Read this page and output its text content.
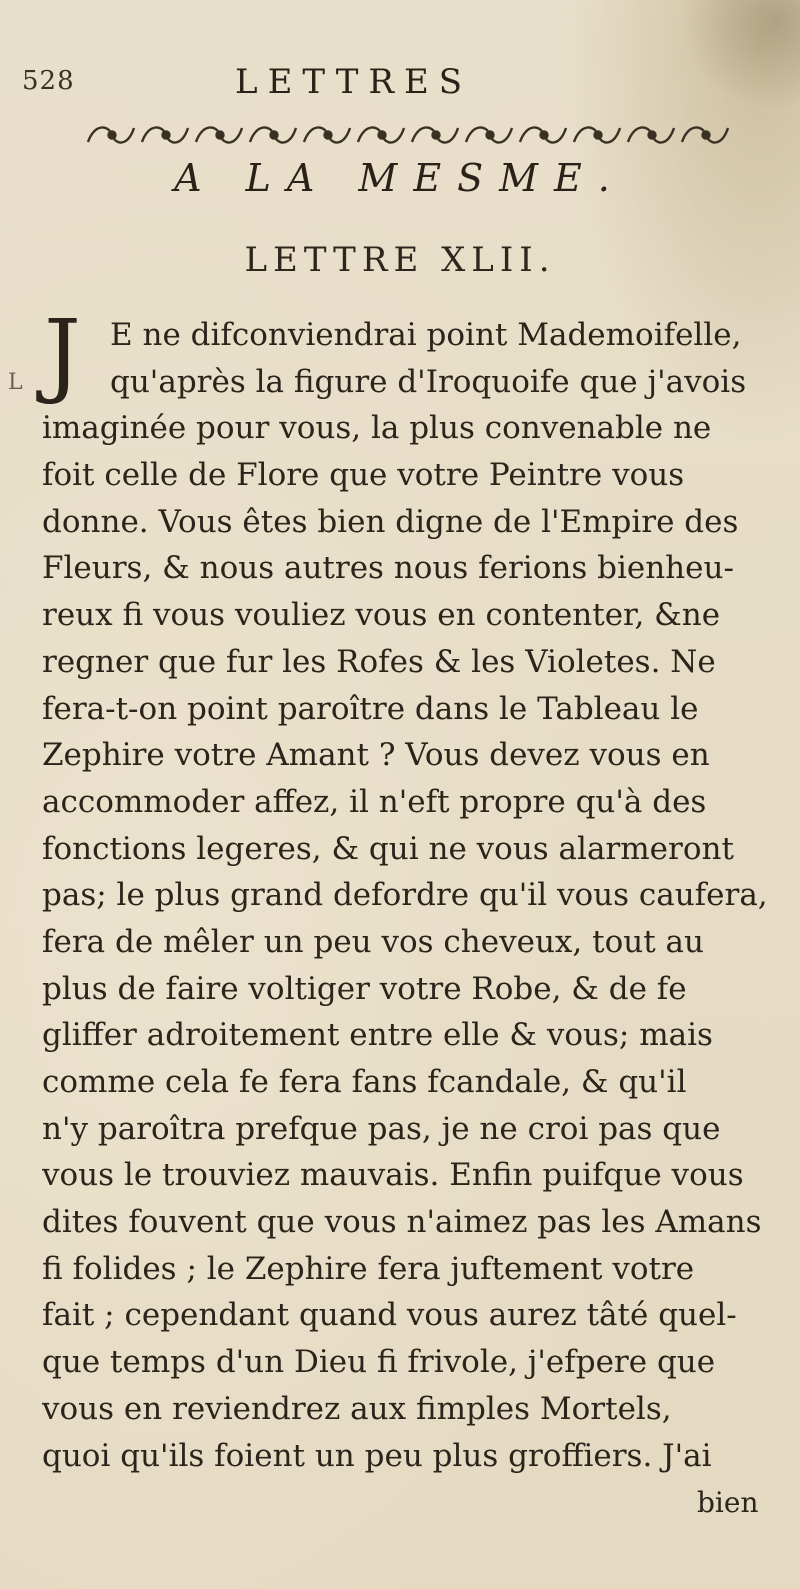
L
528	LETTRES
A LA MESME.
LETTRE XLII.
J E ne difconviendrai point Mademoifelle,
qu'après la figure d'Iroquoife que j'avois
imaginée pour vous, la plus convenable ne
foit celle de Flore que votre Peintre vous
donne. Vous êtes bien digne de l'Empire des
Fleurs, & nous autres nous ferions bienheu-
reux fi vous vouliez vous en contenter, &ne
regner que fur les Rofes & les Violetes. Ne
fera-t-on point paroître dans le Tableau le
Zephire votre Amant ? Vous devez vous en
accommoder affez, il n'eft propre qu'à des
fonctions legeres, & qui ne vous alarmeront
pas; le plus grand defordre qu'il vous caufera,
fera de mêler un peu vos cheveux, tout au
plus de faire voltiger votre Robe, & de fe
gliffer adroitement entre elle & vous; mais
comme cela fe fera fans fcandale, & qu'il
n'y paroîtra prefque pas, je ne croi pas que
vous le trouviez mauvais. Enfin puifque vous
dites fouvent que vous n'aimez pas les Amans
fi folides ; le Zephire fera juftement votre
fait ; cependant quand vous aurez tâté quel-
que temps d'un Dieu fi frivole, j'efpere que
vous en reviendrez aux fimples Mortels,
quoi qu'ils foient un peu plus groffiers. J'ai
bien
